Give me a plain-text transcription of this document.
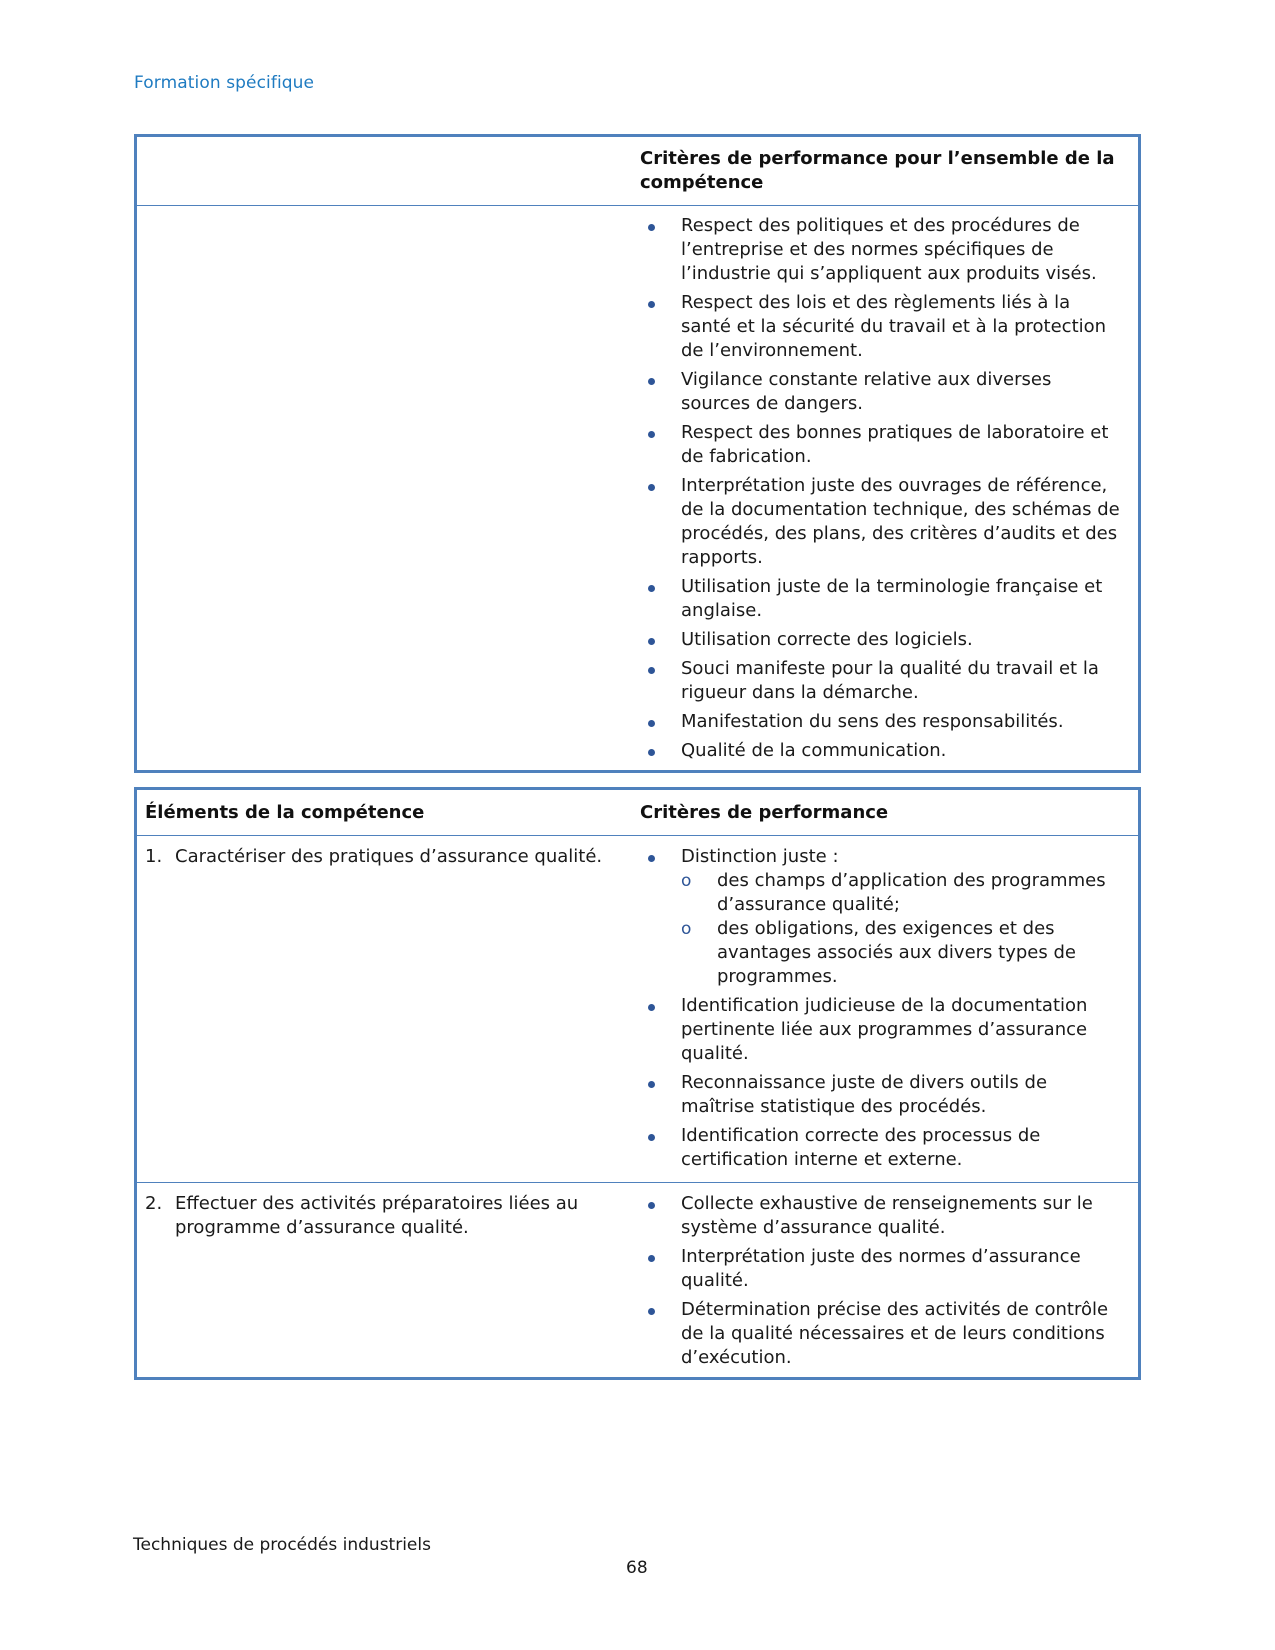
Formation spécifique
Critères de performance pour l’ensemble de la compétence
Respect des politiques et des procédures de l’entreprise et des normes spécifiques de l’industrie qui s’appliquent aux produits visés.
Respect des lois et des règlements liés à la santé et la sécurité du travail et à la protection de l’environnement.
Vigilance constante relative aux diverses sources de dangers.
Respect des bonnes pratiques de laboratoire et de fabrication.
Interprétation juste des ouvrages de référence, de la documentation technique, des schémas de procédés, des plans, des critères d’audits et des rapports.
Utilisation juste de la terminologie française et anglaise.
Utilisation correcte des logiciels.
Souci manifeste pour la qualité du travail et la rigueur dans la démarche.
Manifestation du sens des responsabilités.
Qualité de la communication.
Éléments de la compétence	Critères de performance
1. Caractériser des pratiques d’assurance qualité.	Distinction juste :
o des champs d’application des programmes d’assurance qualité;
o des obligations, des exigences et des avantages associés aux divers types de programmes.
Identification judicieuse de la documentation pertinente liée aux programmes d’assurance qualité.
Reconnaissance juste de divers outils de maîtrise statistique des procédés.
Identification correcte des processus de certification interne et externe.
2. Effectuer des activités préparatoires liées au programme d’assurance qualité.
Collecte exhaustive de renseignements sur le système d’assurance qualité.
Interprétation juste des normes d’assurance qualité.
Détermination précise des activités de contrôle de la qualité nécessaires et de leurs conditions d’exécution.
Techniques de procédés industriels
68
